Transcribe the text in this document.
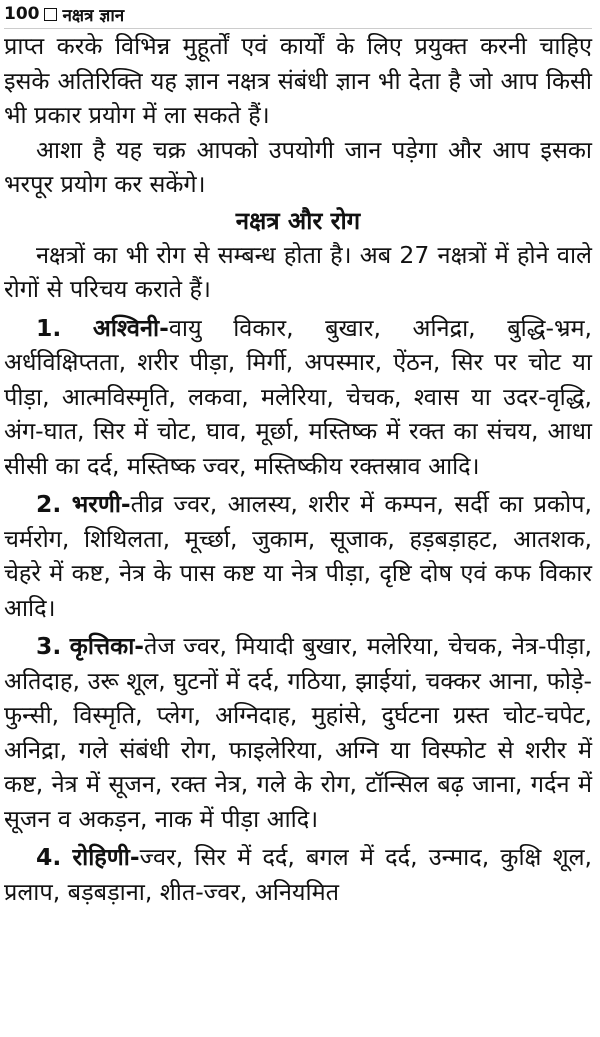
100 नक्षत्र ज्ञान

प्राप्त करके विभिन्न मुहूर्तों एवं कार्यों के लिए प्रयुक्त करनी चाहिए इसके अतिरिक्ति यह ज्ञान नक्षत्र संबंधी ज्ञान भी देता है जो आप किसी भी प्रकार प्रयोग में ला सकते हैं।

आशा है यह चक्र आपको उपयोगी जान पड़ेगा और आप इसका भरपूर प्रयोग कर सकेंगे।

नक्षत्र और रोग

नक्षत्रों का भी रोग से सम्बन्ध होता है। अब 27 नक्षत्रों में होने वाले रोगों से परिचय कराते हैं।

1. अश्विनी-वायु विकार, बुखार, अनिद्रा, बुद्धि-भ्रम, अर्धविक्षिप्तता, शरीर पीड़ा, मिर्गी, अपस्मार, ऐंठन, सिर पर चोट या पीड़ा, आत्मविस्मृति, लकवा, मलेरिया, चेचक, श्वास या उदर-वृद्धि, अंग-घात, सिर में चोट, घाव, मूर्छा, मस्तिष्क में रक्त का संचय, आधा सीसी का दर्द, मस्तिष्क ज्वर, मस्तिष्कीय रक्तस्राव आदि।

2. भरणी-तीव्र ज्वर, आलस्य, शरीर में कम्पन, सर्दी का प्रकोप, चर्मरोग, शिथिलता, मूर्च्छा, जुकाम, सूजाक, हड़बड़ाहट, आतशक, चेहरे में कष्ट, नेत्र के पास कष्ट या नेत्र पीड़ा, दृष्टि दोष एवं कफ विकार आदि।

3. कृत्तिका-तेज ज्वर, मियादी बुखार, मलेरिया, चेचक, नेत्र-पीड़ा, अतिदाह, उरू शूल, घुटनों में दर्द, गठिया, झाईयां, चक्कर आना, फोड़े-फुन्सी, विस्मृति, प्लेग, अग्निदाह, मुहांसे, दुर्घटना ग्रस्त चोट-चपेट, अनिद्रा, गले संबंधी रोग, फाइलेरिया, अग्नि या विस्फोट से शरीर में कष्ट, नेत्र में सूजन, रक्त नेत्र, गले के रोग, टॉन्सिल बढ़ जाना, गर्दन में सूजन व अकड़न, नाक में पीड़ा आदि।

4. रोहिणी-ज्वर, सिर में दर्द, बगल में दर्द, उन्माद, कुक्षि शूल, प्रलाप, बड़बड़ाना, शीत-ज्वर, अनियमित
